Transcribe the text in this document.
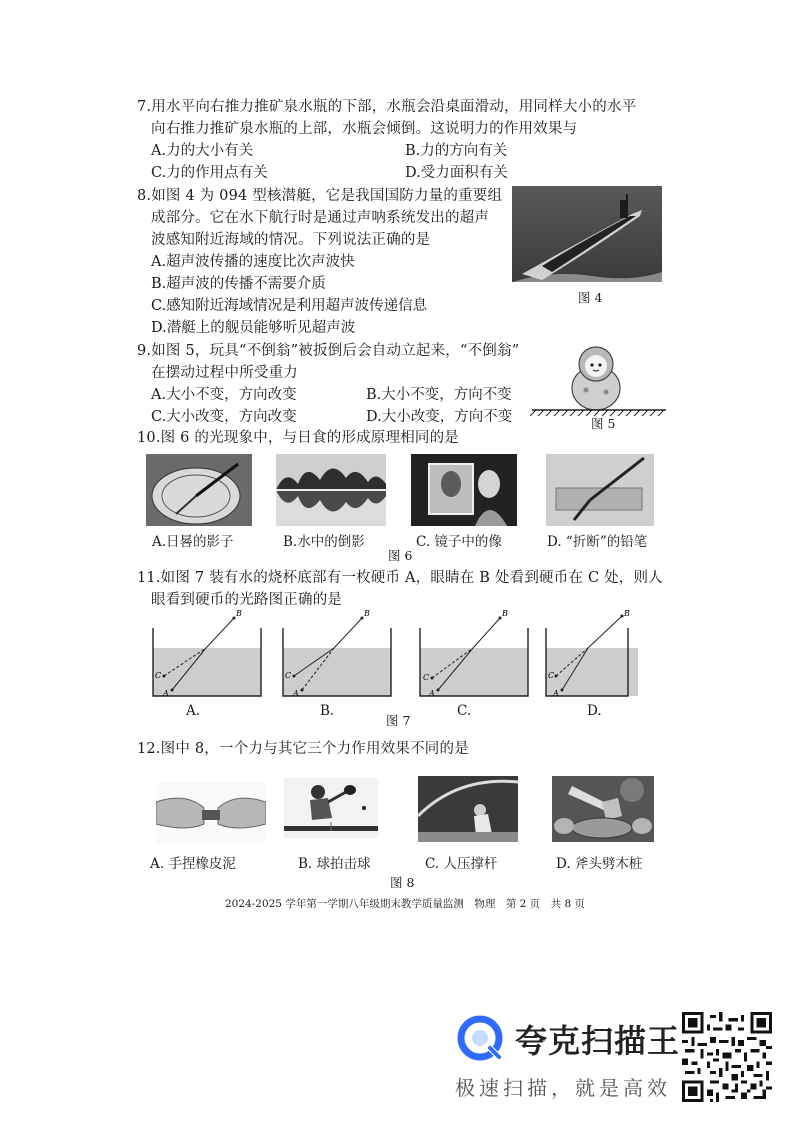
7.用水平向右推力推矿泉水瓶的下部，水瓶会沿桌面滑动，用同样大小的水平
向右推力推矿泉水瓶的上部，水瓶会倾倒。这说明力的作用效果与
A.力的大小有关	B.力的方向有关
C.力的作用点有关	D.受力面积有关
8.如图 4 为 094 型核潜艇，它是我国国防力量的重要组
成部分。它在水下航行时是通过声呐系统发出的超声
波感知附近海域的情况。下列说法正确的是
A.超声波传播的速度比次声波快
B.超声波的传播不需要介质
C.感知附近海域情况是利用超声波传递信息
D.潜艇上的舰员能够听见超声波
图 4
9.如图 5，玩具“不倒翁”被扳倒后会自动立起来，“不倒翁”
在摆动过程中所受重力
A.大小不变，方向改变	B.大小不变，方向不变
C.大小改变，方向改变	D.大小改变，方向不变	图 5
10.图 6 的光现象中，与日食的形成原理相同的是
A.日晷的影子	B.水中的倒影	C. 镜子中的像	D. “折断”的铅笔
图 6
11.如图 7 装有水的烧杯底部有一枚硬币 A，眼睛在 B 处看到硬币在 C 处，则人
眼看到硬币的光路图正确的是
B
C
A
B
C
A
B
C
A
B
C
A
A.	B.	C.	D.
图 7
12.图中 8，一个力与其它三个力作用效果不同的是
A. 手捏橡皮泥	B. 球拍击球	C. 人压撑杆	D. 斧头劈木桩
图 8
2024-2025 学年第一学期八年级期末教学质量监测　物理　第 2 页　共 8 页
夸克扫描王
极速扫描，就是高效
